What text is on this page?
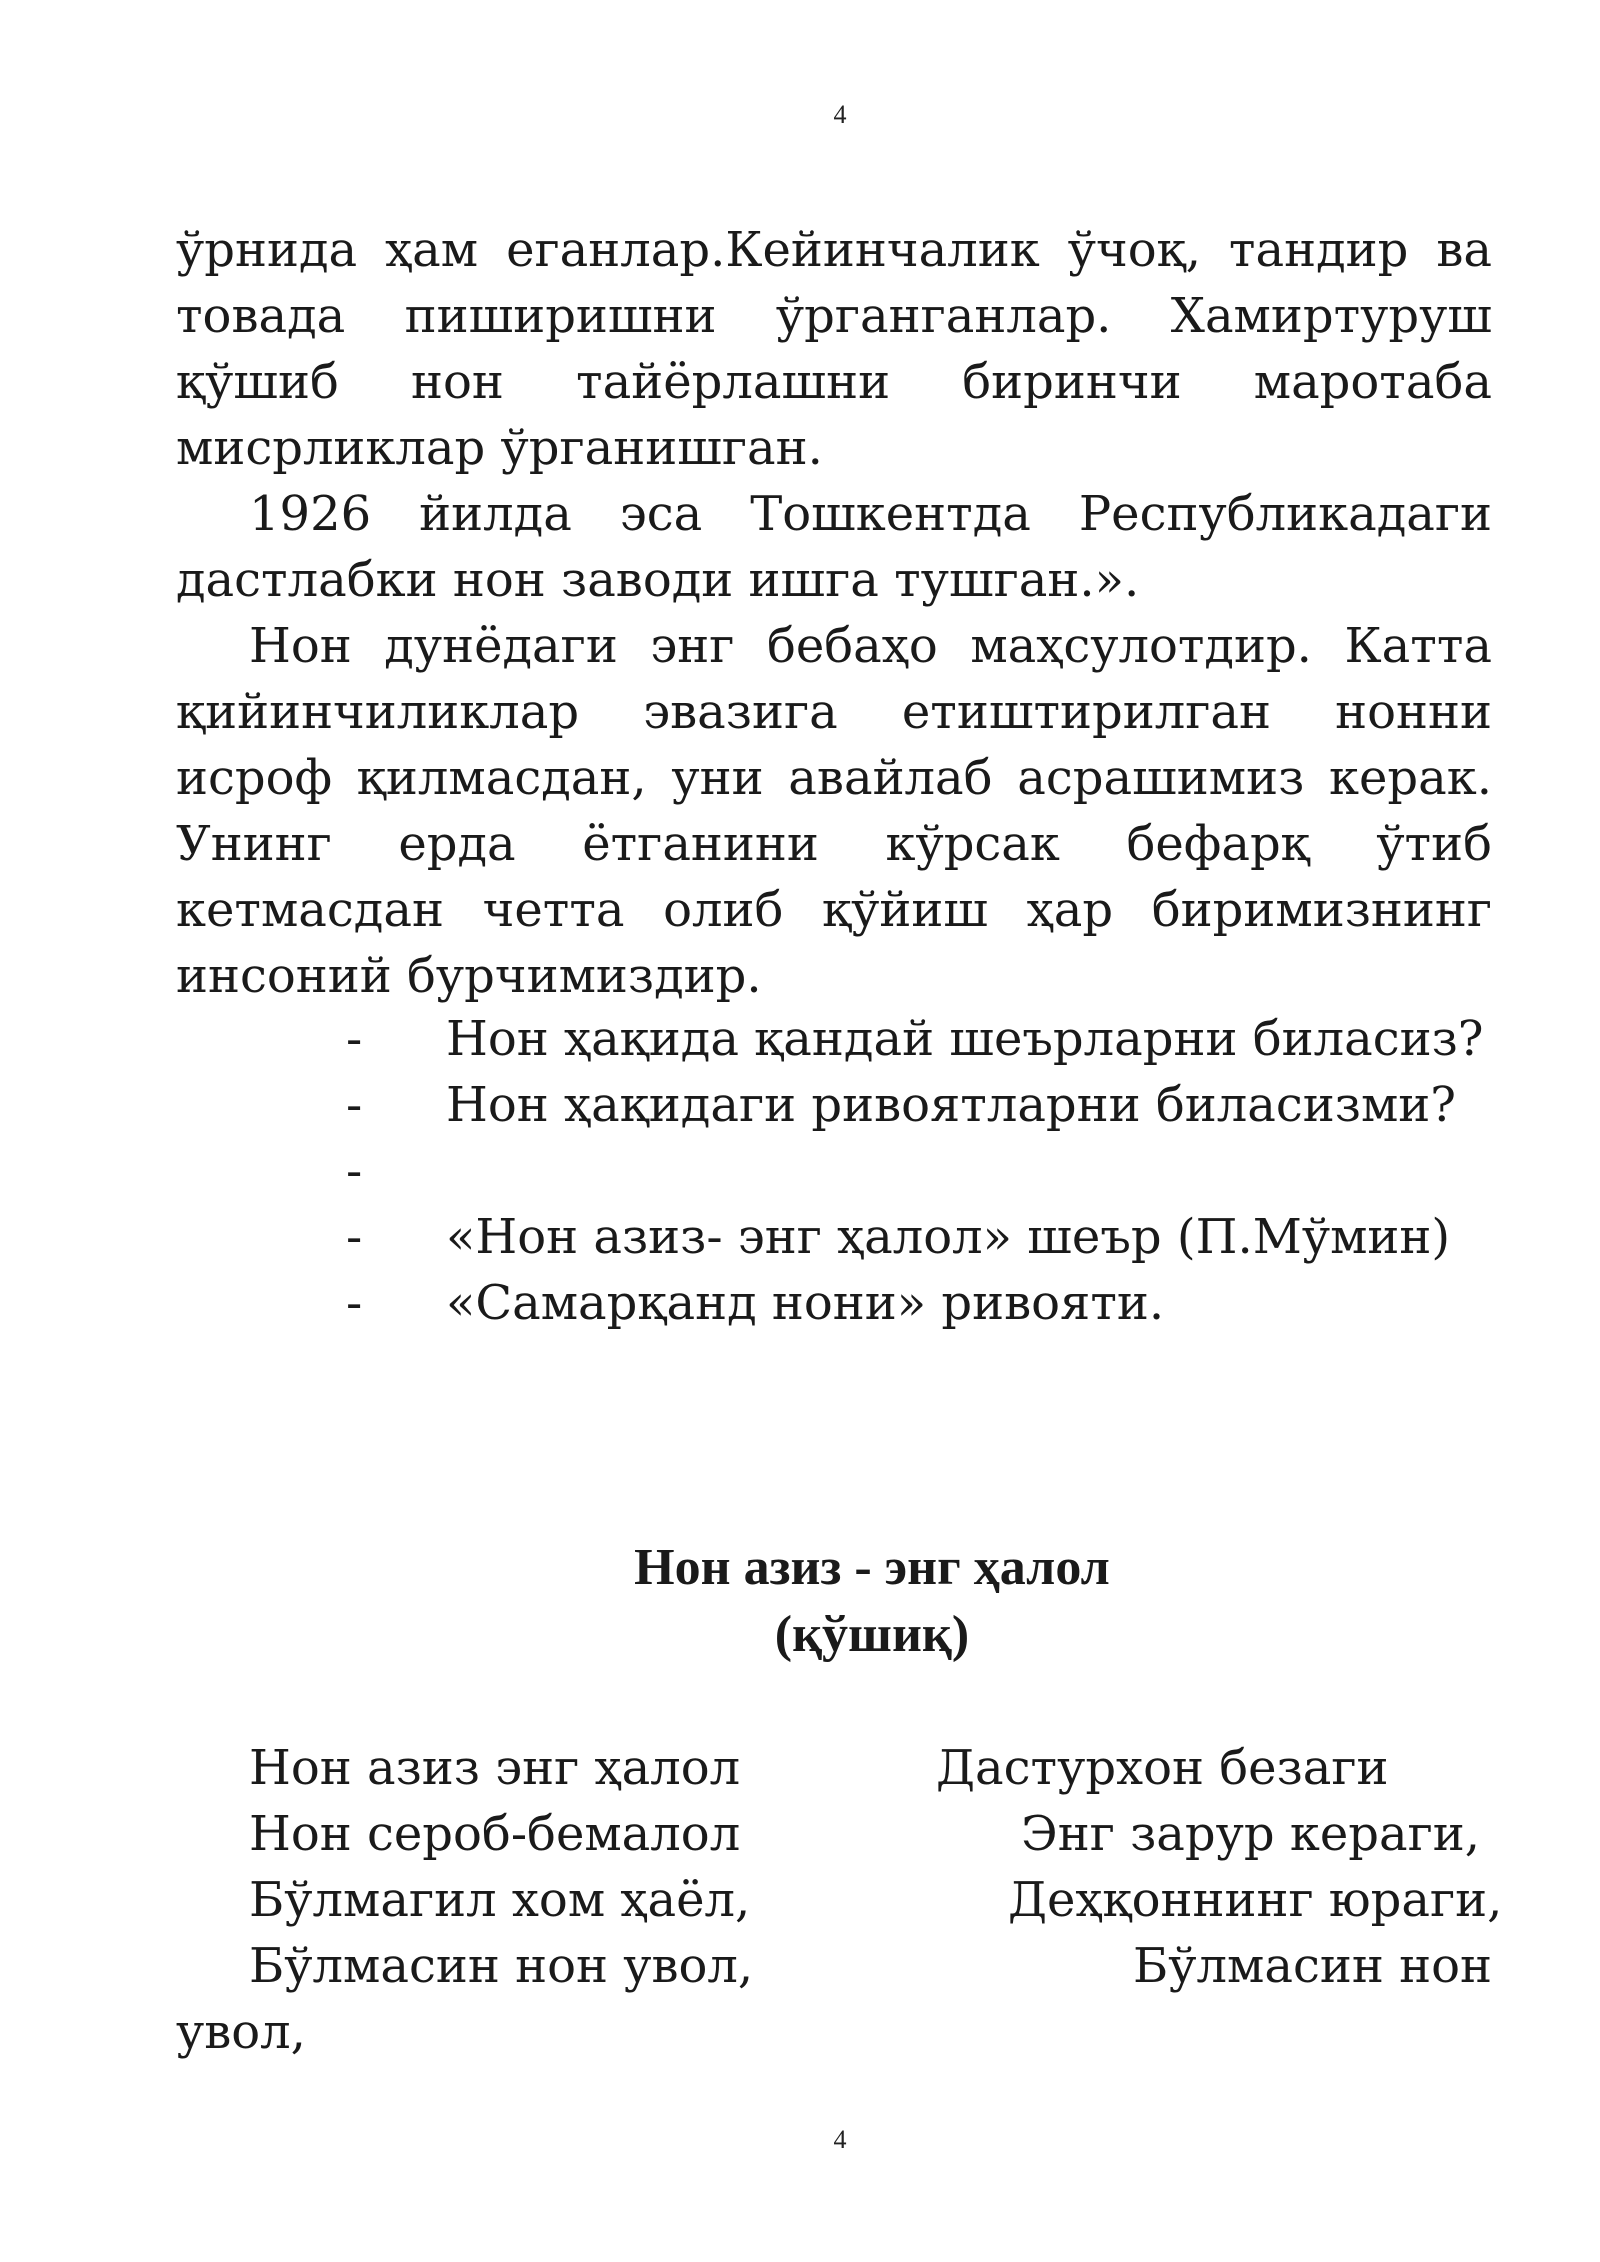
4

ўрнида ҳам еганлар.Кейинчалик ўчоқ, тандир ва товада пиширишни ўрганганлар. Хамиртуруш қўшиб нон тайёрлашни биринчи маротаба мисрликлар ўрганишган.

1926 йилда эса Тошкентда Республикадаги дастлабки нон заводи ишга тушган.».

Нон дунёдаги энг бебаҳо маҳсулотдир. Катта қийинчиликлар эвазига етиштирилган нонни исроф қилмасдан, уни авайлаб асрашимиз керак. Унинг ерда ётганини кўрсак бефарқ ўтиб кетмасдан четта олиб қўйиш ҳар биримизнинг инсоний бурчимиздир.

- Нон ҳақида қандай шеърларни биласиз?
- Нон ҳақидаги ривоятларни биласизми?
-
- «Нон азиз- энг ҳалол» шеър (П.Мўмин)
- «Самарқанд нони» ривояти.
Нон азиз - энг ҳалол
(қўшиқ)
Нон азиз энг ҳалол	Дастурхон безаги
Нон сероб-бемалол	Энг зарур кераги,
Бўлмагил хом ҳаёл,	Деҳқоннинг юраги,
Бўлмасин нон увол,	Бўлмасин нон
увол,
4
